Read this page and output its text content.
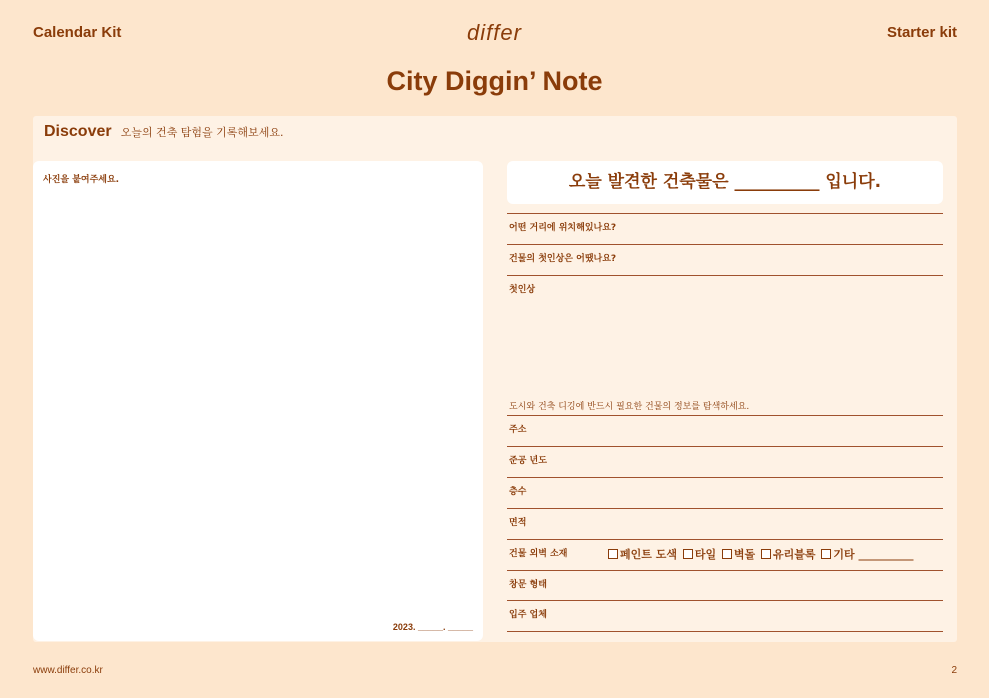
Calendar Kit	differ	Starter kit
City Diggin’ Note
Discover 오늘의 건축 탐험을 기록해보세요.
사진을 붙여주세요.
2023. _____. _____
오늘 발견한 건축물은 __________ 입니다.
어떤 거리에 위치해있나요?
건물의 첫인상은 어땠나요?
첫인상
도시와 건축 디깅에 반드시 필요한 건물의 정보를 탐색하세요.
주소
준공 년도
층수
면적
건물 외벽 소재	페인트 도색 타일 벽돌 유리블록 기타 __________
창문 형태
입주 업체
www.differ.co.kr	2
